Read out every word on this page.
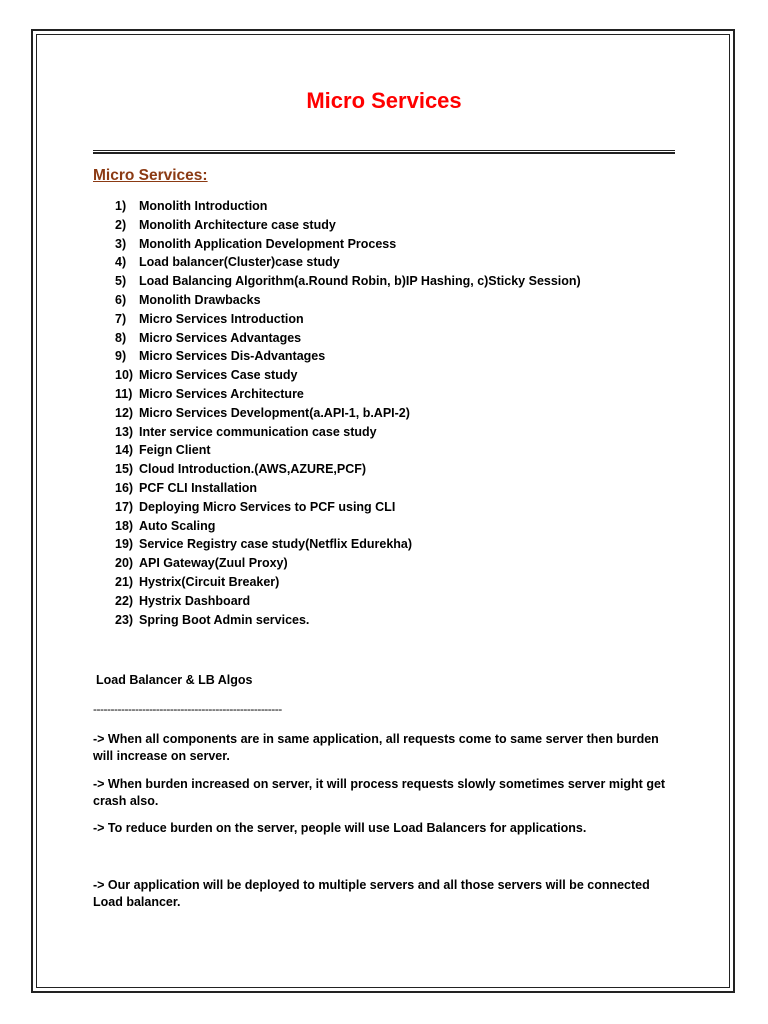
Micro Services
Micro Services:
1)	Monolith Introduction
2)	Monolith Architecture case study
3)	Monolith Application Development Process
4)	Load balancer(Cluster)case study
5)	Load Balancing Algorithm(a.Round Robin, b)IP Hashing, c)Sticky Session)
6)	Monolith Drawbacks
7)	Micro Services Introduction
8)	Micro Services Advantages
9)	Micro Services Dis-Advantages
10) Micro Services Case study
11) Micro Services Architecture
12) Micro Services Development(a.API-1, b.API-2)
13) Inter service communication case study
14) Feign Client
15) Cloud Introduction.(AWS,AZURE,PCF)
16) PCF CLI Installation
17) Deploying Micro Services to PCF using CLI
18) Auto Scaling
19) Service Registry case study(Netflix Edurekha)
20) API Gateway(Zuul Proxy)
21) Hystrix(Circuit Breaker)
22) Hystrix Dashboard
23) Spring Boot Admin services.

Load Balancer & LB Algos

------------------------------------------------------

-> When all components are in same application, all requests come to same server then burden will increase on server.

-> When burden increased on server, it will process requests slowly sometimes server might get crash also.

-> To reduce burden on the server, people will use Load Balancers for applications.

-> Our application will be deployed to multiple servers and all those servers will be connected Load balancer.
